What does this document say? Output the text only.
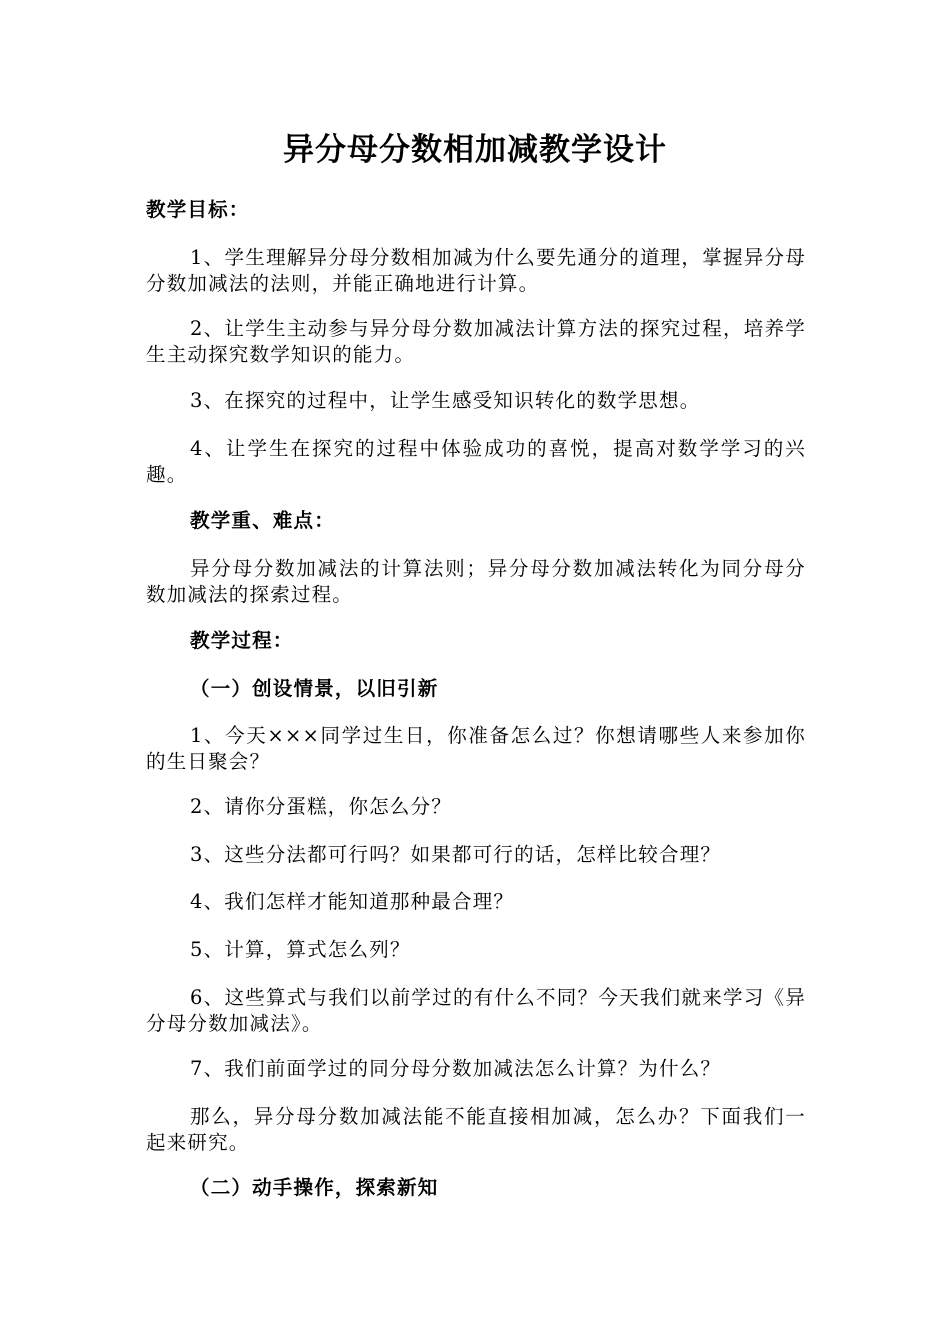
异分母分数相加减教学设计
教学目标：
1、学生理解异分母分数相加减为什么要先通分的道理，掌握异分母分数加减法的法则，并能正确地进行计算。
2、让学生主动参与异分母分数加减法计算方法的探究过程，培养学生主动探究数学知识的能力。
3、在探究的过程中，让学生感受知识转化的数学思想。
4、让学生在探究的过程中体验成功的喜悦，提高对数学学习的兴趣。
教学重、难点：
异分母分数加减法的计算法则；异分母分数加减法转化为同分母分数加减法的探索过程。
教学过程：
（一）创设情景，以旧引新
1、今天×××同学过生日，你准备怎么过？你想请哪些人来参加你的生日聚会？
2、请你分蛋糕，你怎么分？
3、这些分法都可行吗？如果都可行的话，怎样比较合理？
4、我们怎样才能知道那种最合理？
5、计算，算式怎么列？
6、这些算式与我们以前学过的有什么不同？今天我们就来学习《异分母分数加减法》。
7、我们前面学过的同分母分数加减法怎么计算？为什么？
那么，异分母分数加减法能不能直接相加减，怎么办？下面我们一起来研究。
（二）动手操作，探索新知
